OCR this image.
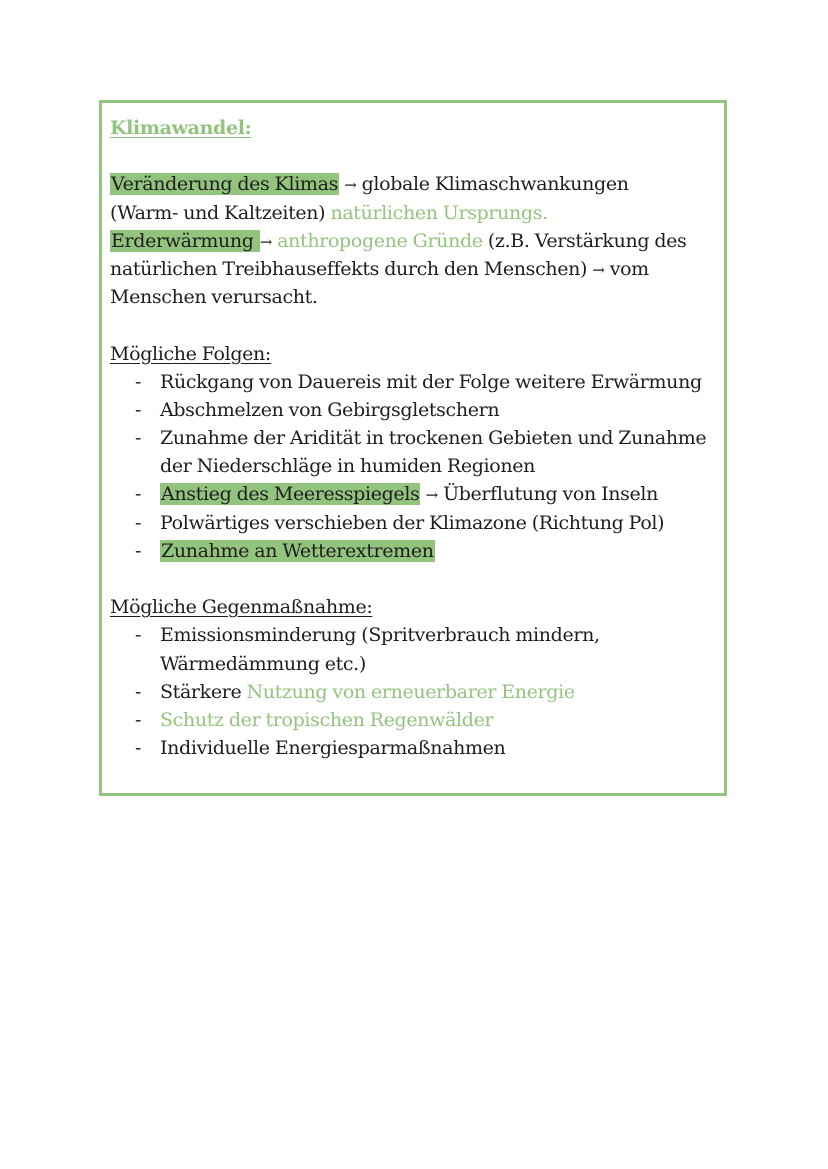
Klimawandel:
Veränderung des Klimas → globale Klimaschwankungen
(Warm- und Kaltzeiten) natürlichen Ursprungs.
Erderwärmung → anthropogene Gründe (z.B. Verstärkung des
natürlichen Treibhauseffekts durch den Menschen) → vom
Menschen verursacht.
Mögliche Folgen:
- Rückgang von Dauereis mit der Folge weitere Erwärmung
- Abschmelzen von Gebirgsgletschern
- Zunahme der Aridität in trockenen Gebieten und Zunahme
der Niederschläge in humiden Regionen
- Anstieg des Meeresspiegels → Überflutung von Inseln
- Polwärtiges verschieben der Klimazone (Richtung Pol)
- Zunahme an Wetterextremen
Mögliche Gegenmaßnahme:
- Emissionsminderung (Spritverbrauch mindern,
Wärmedämmung etc.)
- Stärkere Nutzung von erneuerbarer Energie
- Schutz der tropischen Regenwälder
- Individuelle Energiesparmaßnahmen
